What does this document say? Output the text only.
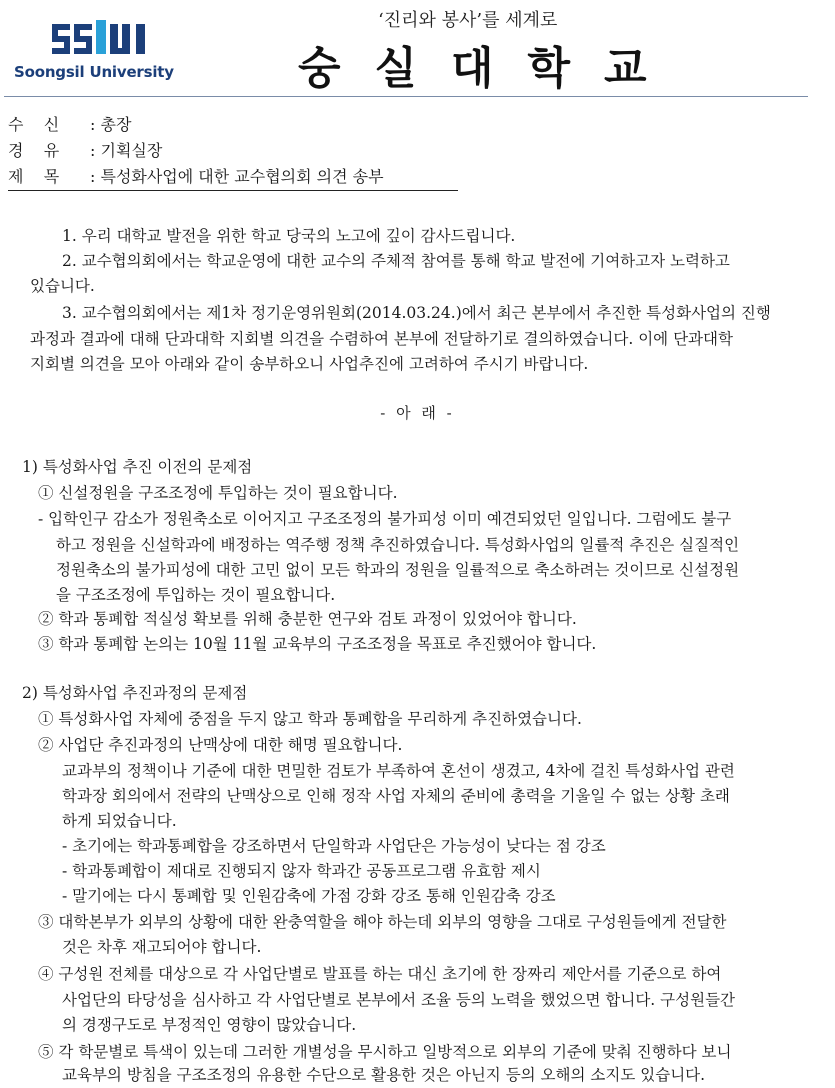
Soongsil University
‘진리와 봉사’를 세계로
숭실대학교
수    신 : 총장
경    유 : 기획실장
제    목 : 특성화사업에 대한 교수협의회 의견 송부
1. 우리 대학교 발전을 위한 학교 당국의 노고에 깊이 감사드립니다.
2. 교수협의회에서는 학교운영에 대한 교수의 주체적 참여를 통해 학교 발전에 기여하고자 노력하고
있습니다.
3. 교수협의회에서는 제1차 정기운영위원회(2014.03.24.)에서 최근 본부에서 추진한 특성화사업의 진행
과정과 결과에 대해 단과대학 지회별 의견을 수렴하여 본부에 전달하기로 결의하였습니다. 이에 단과대학
지회별 의견을 모아 아래와 같이 송부하오니 사업추진에 고려하여 주시기 바랍니다.
- 아 래 -
1) 특성화사업 추진 이전의 문제점
① 신설정원을 구조조정에 투입하는 것이 필요합니다.
- 입학인구 감소가 정원축소로 이어지고 구조조정의 불가피성 이미 예견되었던 일입니다. 그럼에도 불구
하고 정원을 신설학과에 배정하는 역주행 정책 추진하였습니다. 특성화사업의 일률적 추진은 실질적인
정원축소의 불가피성에 대한 고민 없이 모든 학과의 정원을 일률적으로 축소하려는 것이므로 신설정원
을 구조조정에 투입하는 것이 필요합니다.
② 학과 통폐합 적실성 확보를 위해 충분한 연구와 검토 과정이 있었어야 합니다.
③ 학과 통폐합 논의는 10월 11월 교육부의 구조조정을 목표로 추진했어야 합니다.
2) 특성화사업 추진과정의 문제점
① 특성화사업 자체에 중점을 두지 않고 학과 통폐합을 무리하게 추진하였습니다.
② 사업단 추진과정의 난맥상에 대한 해명 필요합니다.
교과부의 정책이나 기준에 대한 면밀한 검토가 부족하여 혼선이 생겼고, 4차에 걸친 특성화사업 관련
학과장 회의에서 전략의 난맥상으로 인해 정작 사업 자체의 준비에 총력을 기울일 수 없는 상황 초래
하게 되었습니다.
- 초기에는 학과통폐합을 강조하면서 단일학과 사업단은 가능성이 낮다는 점 강조
- 학과통폐합이 제대로 진행되지 않자 학과간 공동프로그램 유효함 제시
- 말기에는 다시 통폐합 및 인원감축에 가점 강화 강조 통해 인원감축 강조
③ 대학본부가 외부의 상황에 대한 완충역할을 해야 하는데 외부의 영향을 그대로 구성원들에게 전달한
것은 차후 재고되어야 합니다.
④ 구성원 전체를 대상으로 각 사업단별로 발표를 하는 대신 초기에 한 장짜리 제안서를 기준으로 하여
사업단의 타당성을 심사하고 각 사업단별로 본부에서 조율 등의 노력을 했었으면 합니다. 구성원들간
의 경쟁구도로 부정적인 영향이 많았습니다.
⑤ 각 학문별로 특색이 있는데 그러한 개별성을 무시하고 일방적으로 외부의 기준에 맞춰 진행하다 보니
교육부의 방침을 구조조정의 유용한 수단으로 활용한 것은 아닌지 등의 오해의 소지도 있습니다.
